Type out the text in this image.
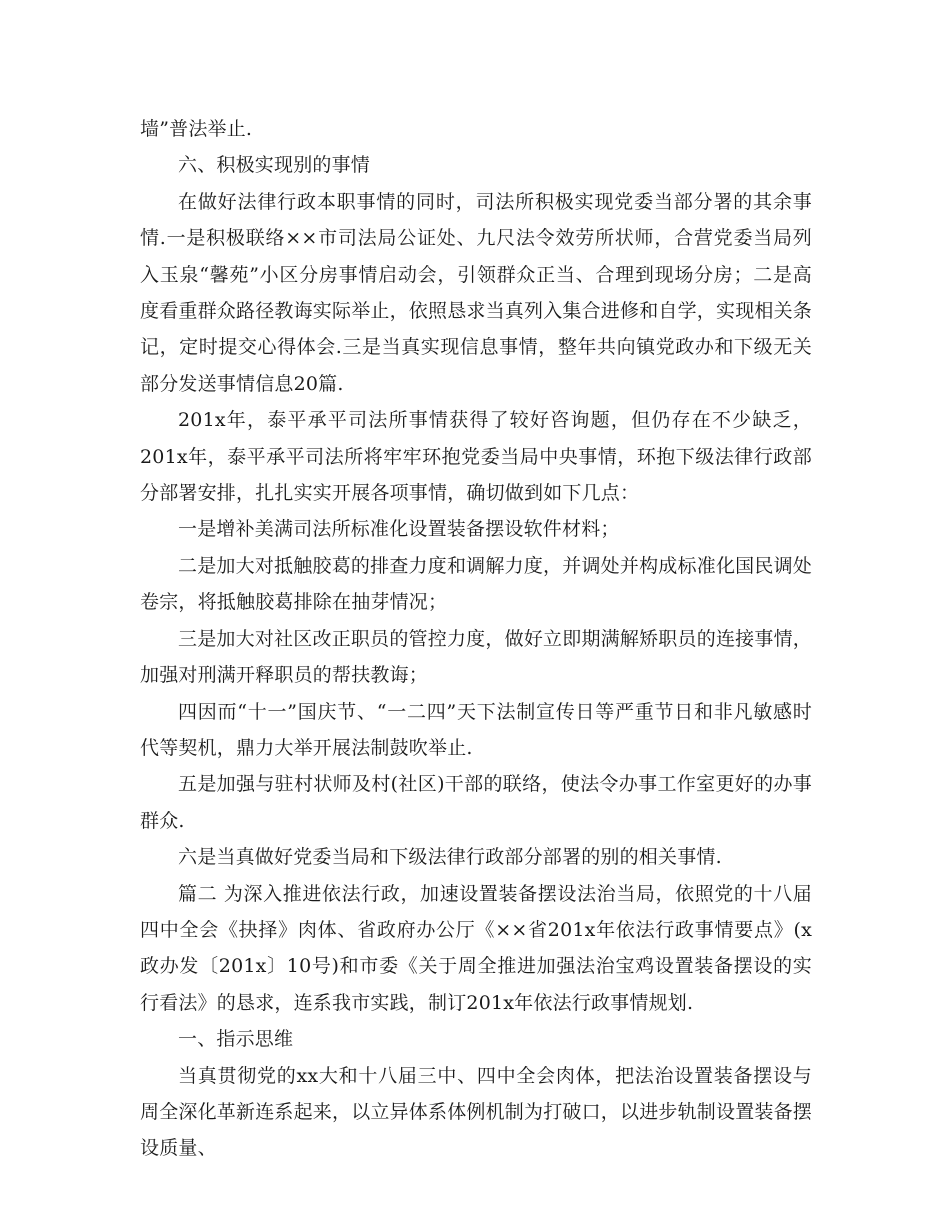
墙”普法举止.

六、积极实现别的事情

在做好法律行政本职事情的同时，司法所积极实现党委当部分署的其余事情.一是积极联络××市司法局公证处、九尺法令效劳所状师，合营党委当局列入玉泉“馨苑”小区分房事情启动会，引领群众正当、合理到现场分房；二是高度看重群众路径教诲实际举止，依照恳求当真列入集合进修和自学，实现相关条记，定时提交心得体会.三是当真实现信息事情，整年共向镇党政办和下级无关部分发送事情信息20篇.

201x年，泰平承平司法所事情获得了较好咨询题，但仍存在不少缺乏，201x年，泰平承平司法所将牢牢环抱党委当局中央事情，环抱下级法律行政部分部署安排，扎扎实实开展各项事情，确切做到如下几点：

一是增补美满司法所标准化设置装备摆设软件材料；

二是加大对抵触胶葛的排查力度和调解力度，并调处并构成标准化国民调处卷宗，将抵触胶葛排除在抽芽情况；

三是加大对社区改正职员的管控力度，做好立即期满解矫职员的连接事情，加强对刑满开释职员的帮扶教诲；

四因而“十一”国庆节、“一二四”天下法制宣传日等严重节日和非凡敏感时代等契机，鼎力大举开展法制鼓吹举止.

五是加强与驻村状师及村(社区)干部的联络，使法令办事工作室更好的办事群众.

六是当真做好党委当局和下级法律行政部分部署的别的相关事情.

篇二 为深入推进依法行政，加速设置装备摆设法治当局，依照党的十八届四中全会《抉择》肉体、省政府办公厅《××省201x年依法行政事情要点》(x政办发〔201x〕10号)和市委《关于周全推进加强法治宝鸡设置装备摆设的实行看法》的恳求，连系我市实践，制订201x年依法行政事情规划.

一、指示思维

当真贯彻党的xx大和十八届三中、四中全会肉体，把法治设置装备摆设与周全深化革新连系起来，以立异体系体例机制为打破口，以进步轨制设置装备摆设质量、
